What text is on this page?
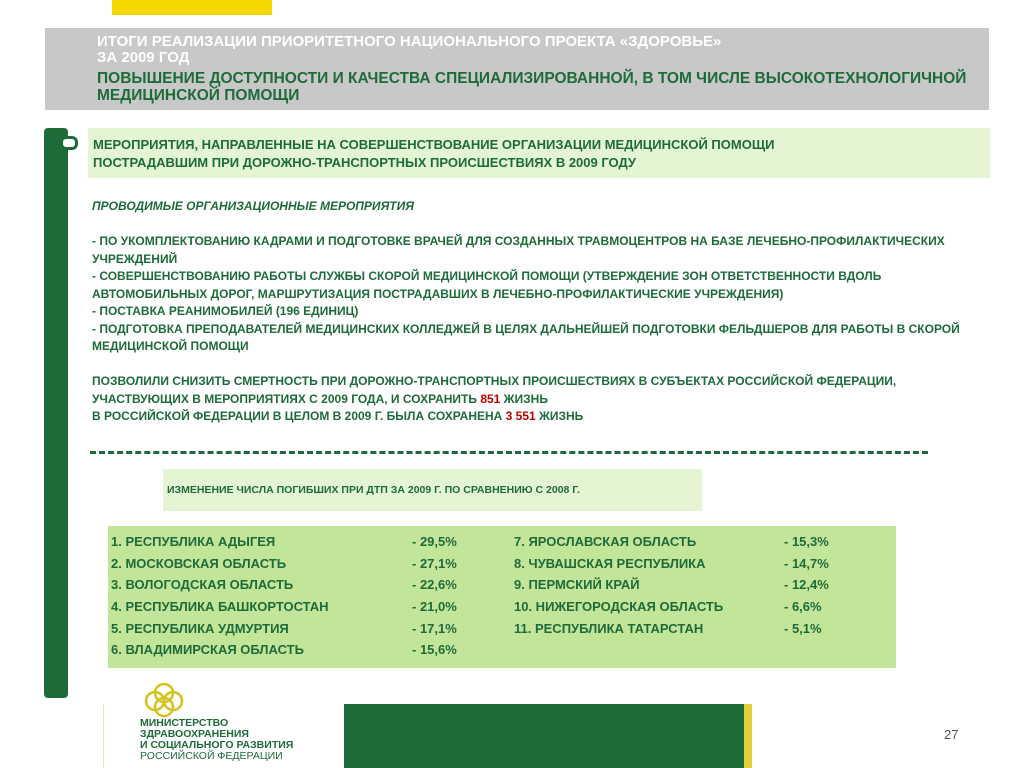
ИТОГИ РЕАЛИЗАЦИИ ПРИОРИТЕТНОГО НАЦИОНАЛЬНОГО ПРОЕКТА «ЗДОРОВЬЕ»
ЗА 2009 ГОД
ПОВЫШЕНИЕ ДОСТУПНОСТИ И КАЧЕСТВА СПЕЦИАЛИЗИРОВАННОЙ, В ТОМ ЧИСЛЕ ВЫСОКОТЕХНОЛОГИЧНОЙ МЕДИЦИНСКОЙ ПОМОЩИ
МЕРОПРИЯТИЯ, НАПРАВЛЕННЫЕ НА СОВЕРШЕНСТВОВАНИЕ ОРГАНИЗАЦИИ МЕДИЦИНСКОЙ ПОМОЩИ
ПОСТРАДАВШИМ ПРИ ДОРОЖНО-ТРАНСПОРТНЫХ ПРОИСШЕСТВИЯХ В 2009 ГОДУ
ПРОВОДИМЫЕ ОРГАНИЗАЦИОННЫЕ МЕРОПРИЯТИЯ
- ПО УКОМПЛЕКТОВАНИЮ КАДРАМИ И ПОДГОТОВКЕ ВРАЧЕЙ ДЛЯ СОЗДАННЫХ ТРАВМОЦЕНТРОВ НА БАЗЕ ЛЕЧЕБНО-ПРОФИЛАКТИЧЕСКИХ УЧРЕЖДЕНИЙ
- СОВЕРШЕНСТВОВАНИЮ РАБОТЫ СЛУЖБЫ СКОРОЙ МЕДИЦИНСКОЙ ПОМОЩИ (УТВЕРЖДЕНИЕ ЗОН ОТВЕТСТВЕННОСТИ ВДОЛЬ АВТОМОБИЛЬНЫХ ДОРОГ, МАРШРУТИЗАЦИЯ ПОСТРАДАВШИХ В ЛЕЧЕБНО-ПРОФИЛАКТИЧЕСКИЕ УЧРЕЖДЕНИЯ)
- ПОСТАВКА РЕАНИМОБИЛЕЙ (196 ЕДИНИЦ)
- ПОДГОТОВКА ПРЕПОДАВАТЕЛЕЙ МЕДИЦИНСКИХ КОЛЛЕДЖЕЙ В ЦЕЛЯХ ДАЛЬНЕЙШЕЙ ПОДГОТОВКИ ФЕЛЬДШЕРОВ ДЛЯ РАБОТЫ В СКОРОЙ МЕДИЦИНСКОЙ ПОМОЩИ
ПОЗВОЛИЛИ СНИЗИТЬ СМЕРТНОСТЬ ПРИ ДОРОЖНО-ТРАНСПОРТНЫХ ПРОИСШЕСТВИЯХ В СУБЪЕКТАХ РОССИЙСКОЙ ФЕДЕРАЦИИ, УЧАСТВУЮЩИХ В МЕРОПРИЯТИЯХ С 2009 ГОДА, И СОХРАНИТЬ 851 ЖИЗНЬ
В РОССИЙСКОЙ ФЕДЕРАЦИИ В ЦЕЛОМ В 2009 Г. БЫЛА СОХРАНЕНА 3 551 ЖИЗНЬ
ИЗМЕНЕНИЕ ЧИСЛА ПОГИБШИХ ПРИ ДТП ЗА 2009 Г. ПО СРАВНЕНИЮ С 2008 Г.
1. РЕСПУБЛИКА АДЫГЕЯ	- 29,5%
2. МОСКОВСКАЯ ОБЛАСТЬ	- 27,1%
3. ВОЛОГОДСКАЯ ОБЛАСТЬ	- 22,6%
4. РЕСПУБЛИКА БАШКОРТОСТАН	- 21,0%
5. РЕСПУБЛИКА УДМУРТИЯ	- 17,1%
6. ВЛАДИМИРСКАЯ ОБЛАСТЬ	- 15,6%
7. ЯРОСЛАВСКАЯ ОБЛАСТЬ	- 15,3%
8. ЧУВАШСКАЯ РЕСПУБЛИКА	- 14,7%
9. ПЕРМСКИЙ КРАЙ	- 12,4%
10. НИЖЕГОРОДСКАЯ ОБЛАСТЬ	- 6,6%
11. РЕСПУБЛИКА ТАТАРСТАН	- 5,1%
МИНИСТЕРСТВО
ЗДРАВООХРАНЕНИЯ
И СОЦИАЛЬНОГО РАЗВИТИЯ
РОССИЙСКОЙ ФЕДЕРАЦИИ
27
